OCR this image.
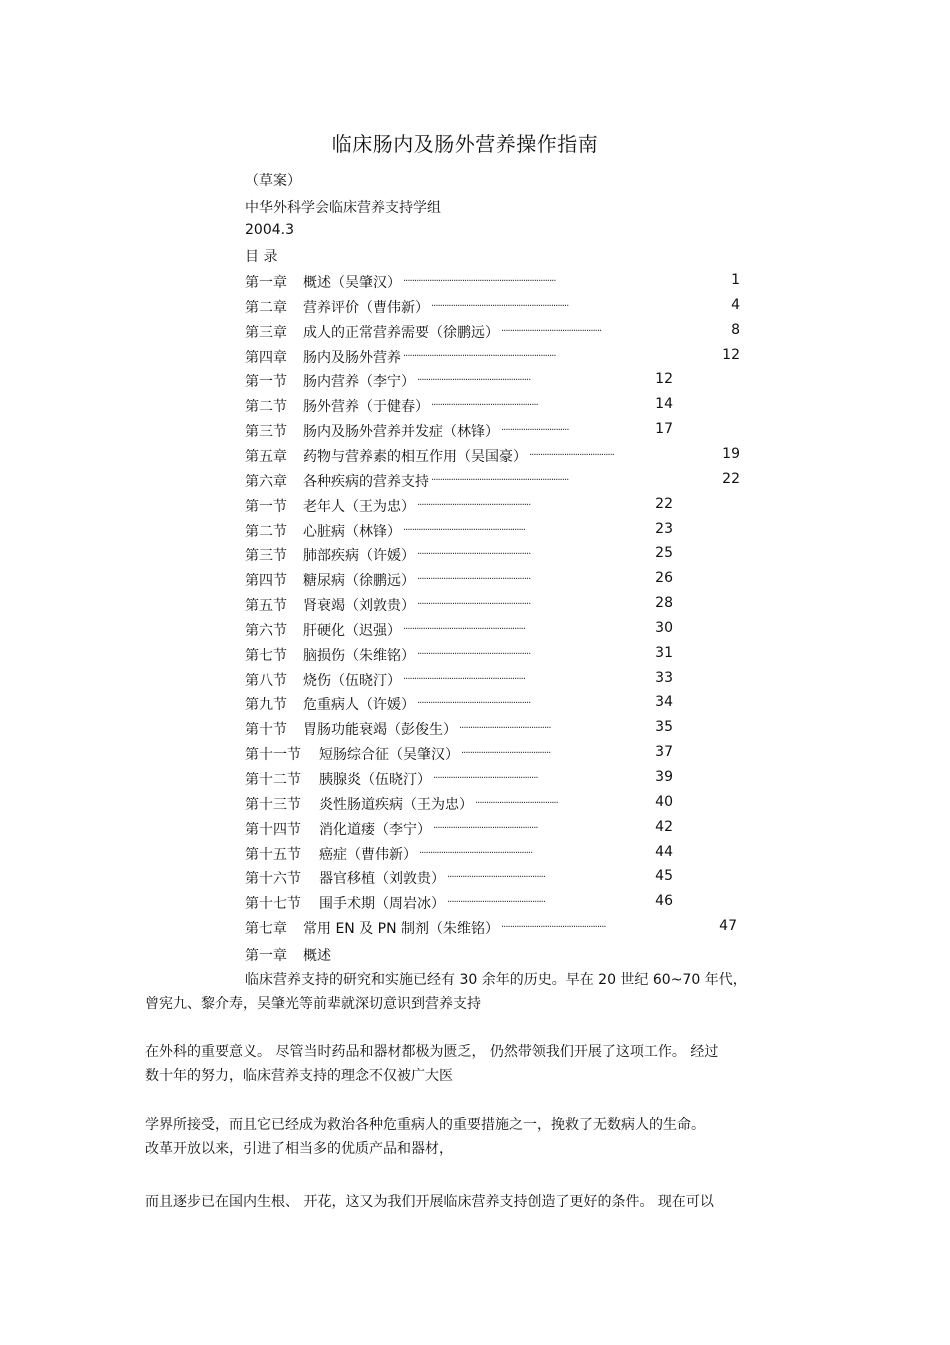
临床肠内及肠外营养操作指南
（草案）
中华外科学会临床营养支持学组
2004.3
目 录
第一章 概述（吴肇汉） ······································································	1
第二章 营养评价（曹伟新） ·······························································	4
第三章 成人的正常营养需要（徐鹏远） ··············································	8
第四章 肠内及肠外营养 ······································································	12
第一节 肠内营养（李宁） ····················································	12
第二节 肠外营养（于健春） ·················································	14
第三节 肠内及肠外营养并发症（林锋） ·······························	17
第五章 药物与营养素的相互作用（吴国豪） ·······································	19
第六章 各种疾病的营养支持 ·······························································	22
第一节 老年人（王为忠） ····················································	22
第二节 心脏病（林锋） ························································	23
第三节 肺部疾病（许媛） ····················································	25
第四节 糖尿病（徐鹏远） ····················································	26
第五节 肾衰竭（刘敦贵） ····················································	28
第六节 肝硬化（迟强） ························································	30
第七节 脑损伤（朱维铭） ····················································	31
第八节 烧伤（伍晓汀） ························································	33
第九节 危重病人（许媛） ····················································	34
第十节 胃肠功能衰竭（彭俊生） ··········································	35
第十一节 短肠综合征（吴肇汉） ·········································	37
第十二节 胰腺炎（伍晓汀） ················································	39
第十三节 炎性肠道疾病（王为忠） ······································	40
第十四节 消化道瘘（李宁） ················································	42
第十五节 癌症（曹伟新） ····················································	44
第十六节 器官移植（刘敦贵） ·············································	45
第十七节 围手术期（周岩冰） ·············································	46
第七章 常用 EN 及 PN 制剂（朱维铭） ················································	47
第一章 概述
临床营养支持的研究和实施已经有 30 余年的历史。早在 20 世纪 60~70 年代，
曾宪九、黎介寿，吴肇光等前辈就深切意识到营养支持
在外科的重要意义。 尽管当时药品和器材都极为匮乏， 仍然带领我们开展了这项工作。 经过
数十年的努力，临床营养支持的理念不仅被广大医
学界所接受，而且它已经成为救治各种危重病人的重要措施之一，挽救了无数病人的生命。
改革开放以来，引进了相当多的优质产品和器材，
而且逐步已在国内生根、 开花，这又为我们开展临床营养支持创造了更好的条件。 现在可以
